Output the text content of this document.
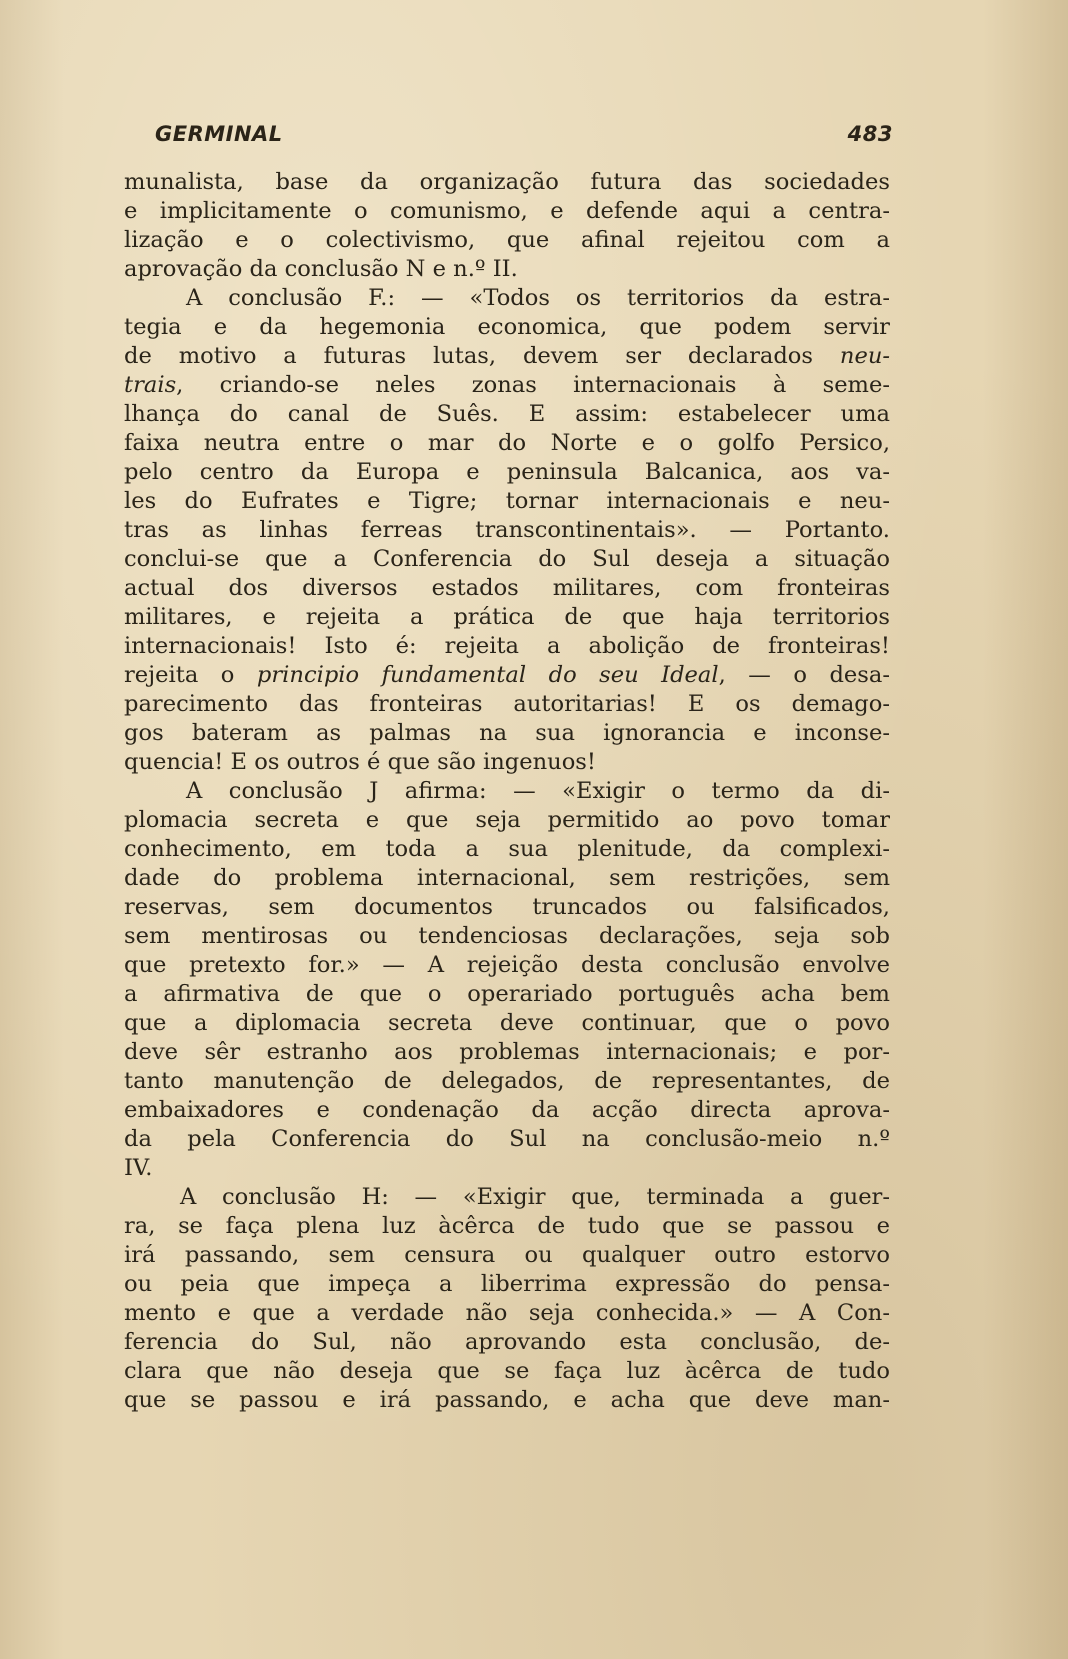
GERMINAL	483
munalista, base da organização futura das sociedades
e implicitamente o comunismo, e defende aqui a centra-
lização e o colectivismo, que afinal rejeitou com a
aprovação da conclusão N e n.º II.
A conclusão F.: — «Todos os territorios da estra-
tegia e da hegemonia economica, que podem servir
de motivo a futuras lutas, devem ser declarados neu-
trais, criando-se neles zonas internacionais à seme-
lhança do canal de Suês. E assim: estabelecer uma
faixa neutra entre o mar do Norte e o golfo Persico,
pelo centro da Europa e peninsula Balcanica, aos va-
les do Eufrates e Tigre; tornar internacionais e neu-
tras as linhas ferreas transcontinentais». — Portanto.
conclui-se que a Conferencia do Sul deseja a situação
actual dos diversos estados militares, com fronteiras
militares, e rejeita a prática de que haja territorios
internacionais! Isto é: rejeita a abolição de fronteiras!
rejeita o principio fundamental do seu Ideal, — o desa-
parecimento das fronteiras autoritarias! E os demago-
gos bateram as palmas na sua ignorancia e inconse-
quencia! E os outros é que são ingenuos!
A conclusão J afirma: — «Exigir o termo da di-
plomacia secreta e que seja permitido ao povo tomar
conhecimento, em toda a sua plenitude, da complexi-
dade do problema internacional, sem restrições, sem
reservas, sem documentos truncados ou falsificados,
sem mentirosas ou tendenciosas declarações, seja sob
que pretexto for.» — A rejeição desta conclusão envolve
a afirmativa de que o operariado português acha bem
que a diplomacia secreta deve continuar, que o povo
deve sêr estranho aos problemas internacionais; e por-
tanto manutenção de delegados, de representantes, de
embaixadores e condenação da acção directa aprova-
da pela Conferencia do Sul na conclusão-meio n.º
IV.
A conclusão H: — «Exigir que, terminada a guer-
ra, se faça plena luz àcêrca de tudo que se passou e
irá passando, sem censura ou qualquer outro estorvo
ou peia que impeça a liberrima expressão do pensa-
mento e que a verdade não seja conhecida.» — A Con-
ferencia do Sul, não aprovando esta conclusão, de-
clara que não deseja que se faça luz àcêrca de tudo
que se passou e irá passando, e acha que deve man-
